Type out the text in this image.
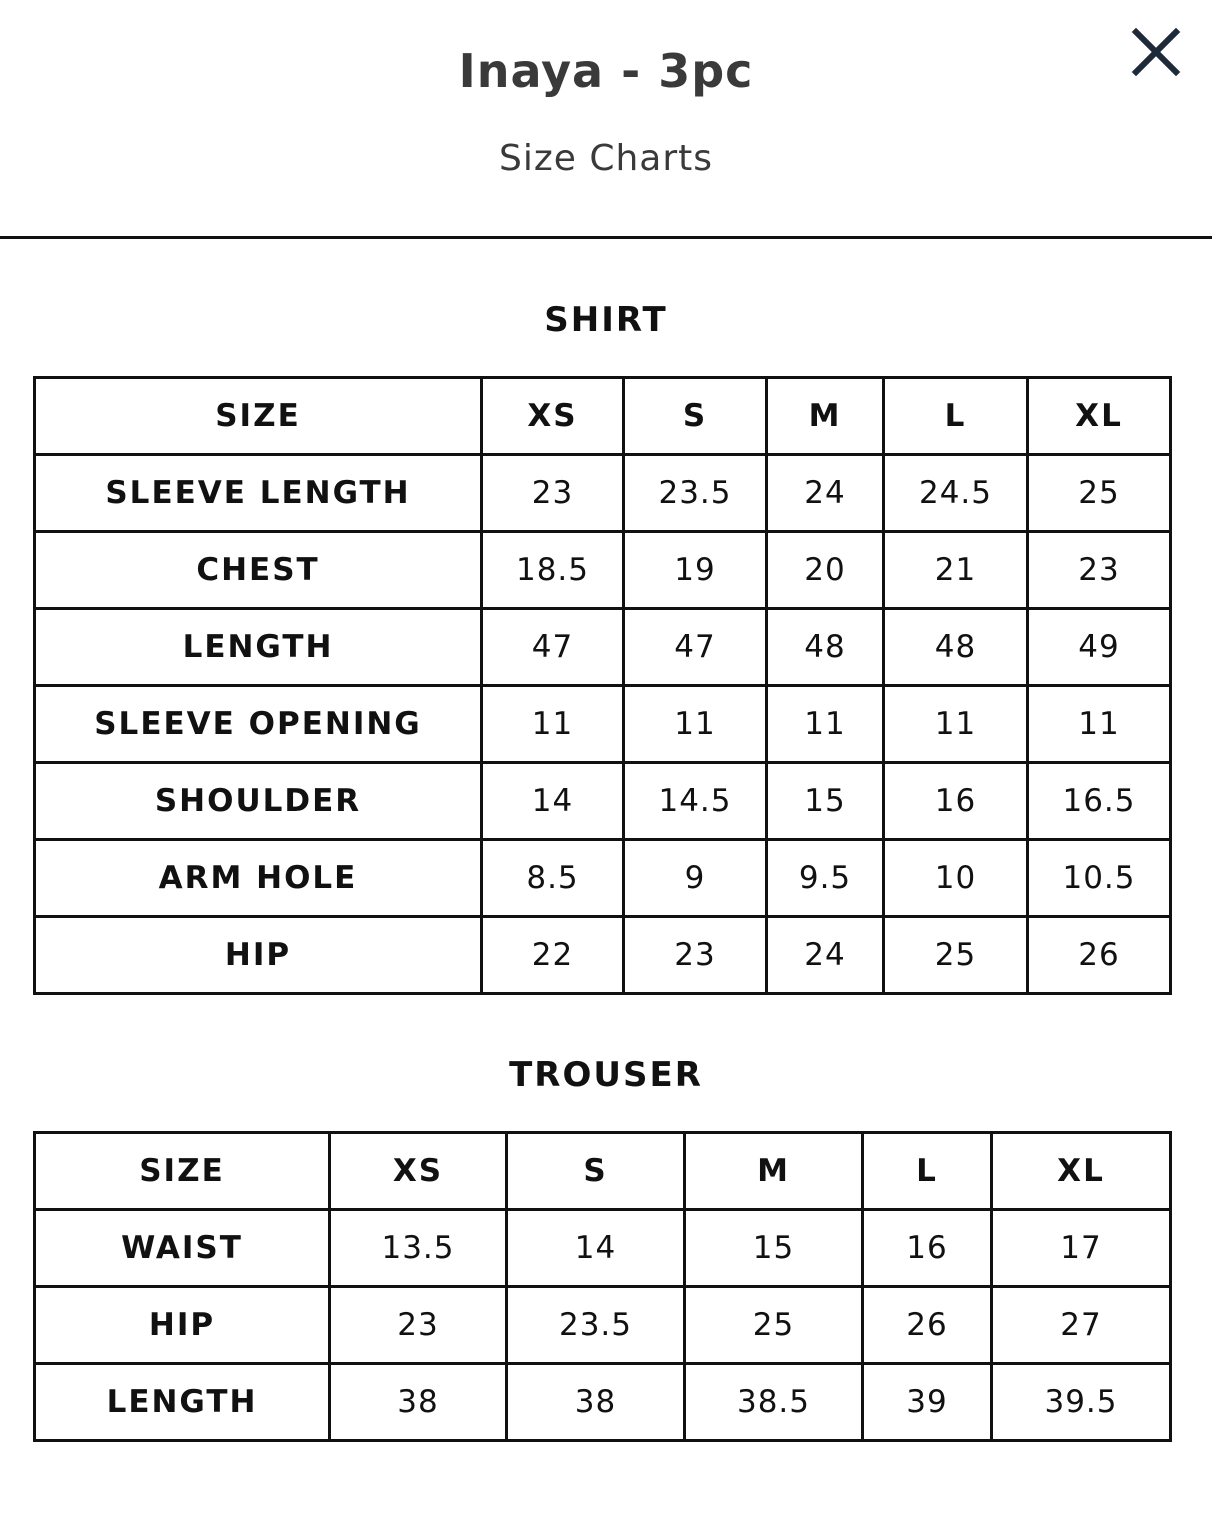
Inaya - 3pc
Size Charts
SHIRT
SIZE	XS	S	M	L	XL
SLEEVE LENGTH	23	23.5	24	24.5	25
CHEST	18.5	19	20	21	23
LENGTH	47	47	48	48	49
SLEEVE OPENING	11	11	11	11	11
SHOULDER	14	14.5	15	16	16.5
ARM HOLE	8.5	9	9.5	10	10.5
HIP	22	23	24	25	26
TROUSER
SIZE	XS	S	M	L	XL
WAIST	13.5	14	15	16	17
HIP	23	23.5	25	26	27
LENGTH	38	38	38.5	39	39.5
